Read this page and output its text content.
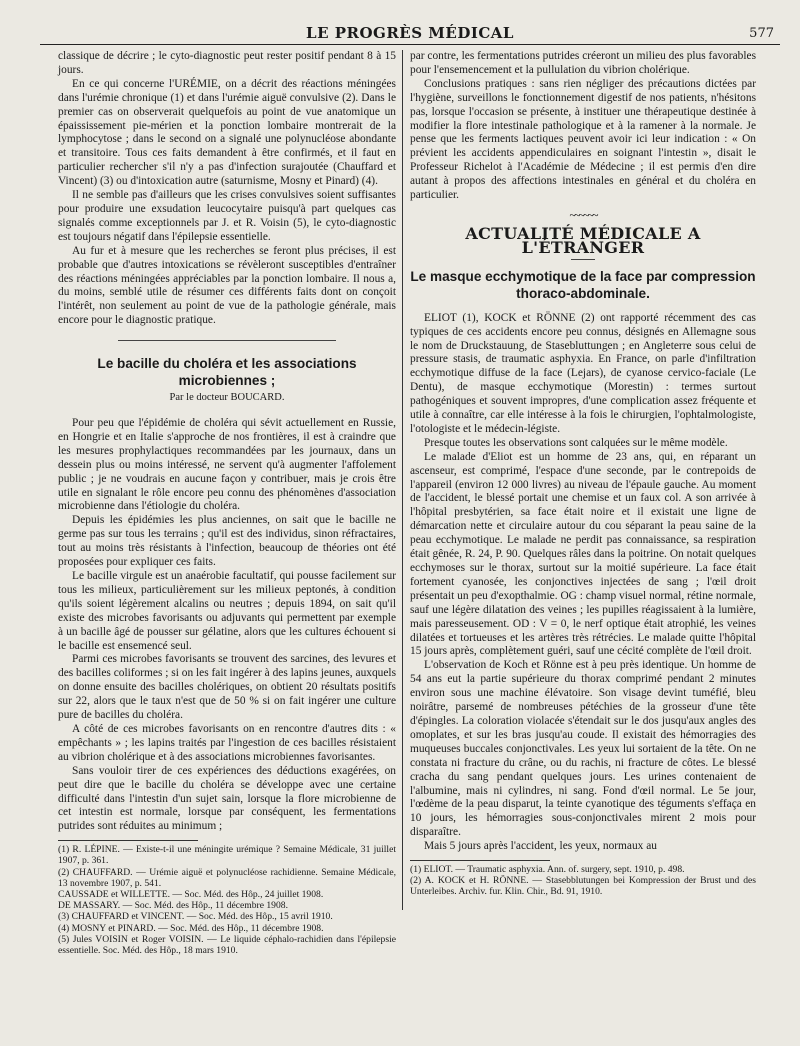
LE PROGRÈS MÉDICAL	577

classique de décrire ; le cyto-diagnostic peut rester positif pendant 8 à 15 jours.

En ce qui concerne l'URÉMIE, on a décrit des réactions méningées dans l'urémie chronique (1) et dans l'urémie aiguë convulsive (2). Dans le premier cas on observerait quelquefois au point de vue anatomique un épaississement pie-mérien et la ponction lombaire montrerait de la lymphocytose ; dans le second on a signalé une polynucléose abondante et transitoire. Tous ces faits demandent à être confirmés, et il faut en particulier rechercher s'il n'y a pas d'infection surajoutée (Chauffard et Vincent) (3) ou d'intoxication autre (saturnisme, Mosny et Pinard) (4).

Il ne semble pas d'ailleurs que les crises convulsives soient suffisantes pour produire une exsudation leucocytaire puisqu'à part quelques cas signalés comme exceptionnels par J. et R. Voisin (5), le cyto-diagnostic est toujours négatif dans l'épilepsie essentielle.

Au fur et à mesure que les recherches se feront plus précises, il est probable que d'autres intoxications se révèleront susceptibles d'entraîner des réactions méningées appréciables par la ponction lombaire. Il nous a, du moins, semblé utile de résumer ces différents faits dont on conçoit l'intérêt, non seulement au point de vue de la pathologie générale, mais encore pour le diagnostic pratique.

Le bacille du choléra et les associations microbiennes ;
Par le docteur BOUCARD.

Pour peu que l'épidémie de choléra qui sévit actuellement en Russie, en Hongrie et en Italie s'approche de nos frontières, il est à craindre que les mesures prophylactiques recommandées par les journaux, dans un dessein plus ou moins intéressé, ne servent qu'à augmenter l'affolement public ; je ne voudrais en aucune façon y contribuer, mais je crois être utile en signalant le rôle encore peu connu des phénomènes d'association microbienne dans l'étiologie du choléra.

Depuis les épidémies les plus anciennes, on sait que le bacille ne germe pas sur tous les terrains ; qu'il est des individus, sinon réfractaires, tout au moins très résistants à l'infection, beaucoup de théories ont été proposées pour expliquer ces faits.

Le bacille virgule est un anaérobie facultatif, qui pousse facilement sur tous les milieux, particulièrement sur les milieux peptonés, à condition qu'ils soient légèrement alcalins ou neutres ; depuis 1894, on sait qu'il existe des microbes favorisants ou adjuvants qui permettent par exemple à un bacille âgé de pousser sur gélatine, alors que les cultures échouent si le bacille est ensemencé seul.

Parmi ces microbes favorisants se trouvent des sarcines, des levures et des bacilles coliformes ; si on les fait ingérer à des lapins jeunes, auxquels on donne ensuite des bacilles cholériques, on obtient 20 résultats positifs sur 22, alors que le taux n'est que de 50 % si on fait ingérer une culture pure de bacilles du choléra.

A côté de ces microbes favorisants on en rencontre d'autres dits : « empêchants » ; les lapins traités par l'ingestion de ces bacilles résistaient au vibrion cholérique et à des associations microbiennes favorisantes.

Sans vouloir tirer de ces expériences des déductions exagérées, on peut dire que le bacille du choléra se développe avec une certaine difficulté dans l'intestin d'un sujet sain, lorsque la flore microbienne de cet intestin est normale, lorsque par conséquent, les fermentations putrides sont réduites au minimum ;

(1) R. LÉPINE. — Existe-t-il une méningite urémique ? Semaine Médicale, 31 juillet 1907, p. 361.

(2) CHAUFFARD. — Urémie aiguë et polynucléose rachidienne. Semaine Médicale, 13 novembre 1907, p. 541.

CAUSSADE et WILLETTE. — Soc. Méd. des Hôp., 24 juillet 1908.

DE MASSARY. — Soc. Méd. des Hôp., 11 décembre 1908.

(3) CHAUFFARD et VINCENT. — Soc. Méd. des Hôp., 15 avril 1910.

(4) MOSNY et PINARD. — Soc. Méd. des Hôp., 11 décembre 1908.

(5) Jules VOISIN et Roger VOISIN. — Le liquide céphalo-rachidien dans l'épilepsie essentielle. Soc. Méd. des Hôp., 18 mars 1910.

par contre, les fermentations putrides créeront un milieu des plus favorables pour l'ensemencement et la pullulation du vibrion cholérique.

Conclusions pratiques : sans rien négliger des précautions dictées par l'hygiène, surveillons le fonctionnement digestif de nos patients, n'hésitons pas, lorsque l'occasion se présente, à instituer une thérapeutique destinée à modifier la flore intestinale pathologique et à la ramener à la normale. Je pense que les ferments lactiques peuvent avoir ici leur indication : « On prévient les accidents appendiculaires en soignant l'intestin », disait le Professeur Richelot à l'Académie de Médecine ; il est permis d'en dire autant à propos des affections intestinales en général et du choléra en particulier.

~~~~~~
ACTUALITÉ MÉDICALE A L'ÉTRANGER
Le masque ecchymotique de la face par compression thoraco-abdominale.

ELIOT (1), KOCK et RÖNNE (2) ont rapporté récemment des cas typiques de ces accidents encore peu connus, désignés en Allemagne sous le nom de Druckstauung, de Stasebluttungen ; en Angleterre sous celui de pressure stasis, de traumatic asphyxia. En France, on parle d'infiltration ecchymotique diffuse de la face (Lejars), de cyanose cervico-faciale (Le Dentu), de masque ecchymotique (Morestin) : termes surtout pathogéniques et souvent impropres, d'une complication assez fréquente et utile à connaître, car elle intéresse à la fois le chirurgien, l'ophtalmologiste, l'otologiste et le médecin-légiste.

Presque toutes les observations sont calquées sur le même modèle.

Le malade d'Eliot est un homme de 23 ans, qui, en réparant un ascenseur, est comprimé, l'espace d'une seconde, par le contrepoids de l'appareil (environ 12 000 livres) au niveau de l'épaule gauche. Au moment de l'accident, le blessé portait une chemise et un faux col. A son arrivée à l'hôpital presbytérien, sa face était noire et il existait une ligne de démarcation nette et circulaire autour du cou séparant la peau saine de la peau ecchymotique. Le malade ne perdit pas connaissance, sa respiration était gênée, R. 24, P. 90. Quelques râles dans la poitrine. On notait quelques ecchymoses sur le thorax, surtout sur la moitié supérieure. La face était fortement cyanosée, les conjonctives injectées de sang ; l'œil droit présentait un peu d'exopthalmie. OG : champ visuel normal, rétine normale, sauf une légère dilatation des veines ; les pupilles réagissaient à la lumière, mais paresseusement. OD : V = 0, le nerf optique était atrophié, les veines dilatées et tortueuses et les artères très rétrécies. Le malade quitte l'hôpital 15 jours après, complètement guéri, sauf une cécité complète de l'œil droit.

L'observation de Koch et Rönne est à peu près identique. Un homme de 54 ans eut la partie supérieure du thorax comprimé pendant 2 minutes environ sous une machine élévatoire. Son visage devint tuméfié, bleu noirâtre, parsemé de nombreuses pétéchies de la grosseur d'une tête d'épingles. La coloration violacée s'étendait sur le dos jusqu'aux angles des omoplates, et sur les bras jusqu'au coude. Il existait des hémorragies des muqueuses buccales conjonctivales. Les yeux lui sortaient de la tête. On ne constata ni fracture du crâne, ou du rachis, ni fracture de côtes. Le blessé cracha du sang pendant quelques jours. Les urines contenaient de l'albumine, mais ni cylindres, ni sang. Fond d'œil normal. Le 5e jour, l'œdème de la peau disparut, la teinte cyanotique des téguments s'effaça en 10 jours, les hémorragies sous-conjonctivales mirent 2 mois pour disparaître.

Mais 5 jours après l'accident, les yeux, normaux au

(1) ELIOT. — Traumatic asphyxia. Ann. of. surgery, sept. 1910, p. 498.

(2) A. KOCK et H. RÖNNE. — Stasebblutungen bei Kompression der Brust und des Unterleibes. Archiv. fur. Klin. Chir., Bd. 91, 1910.
